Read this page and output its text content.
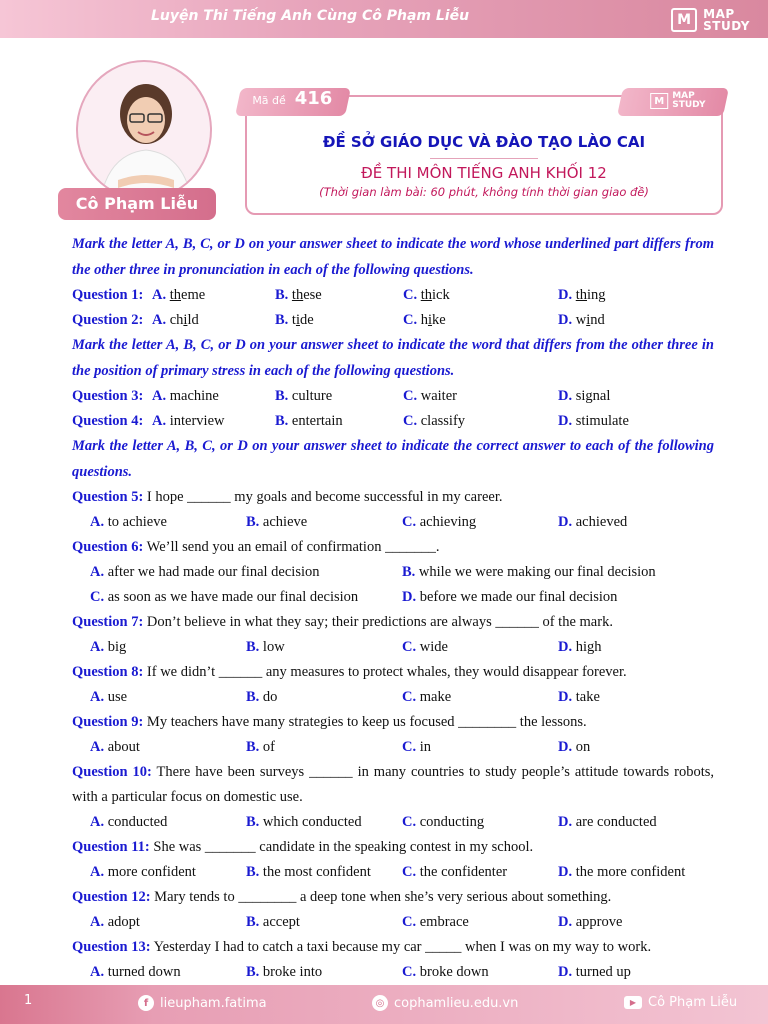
Luyện Thi Tiếng Anh Cùng Cô Phạm Liễu	M	MAP
STUDY
Cô Phạm Liễu
Mã đề 416	M MAP
STUDY
ĐỀ SỞ GIÁO DỤC VÀ ĐÀO TẠO LÀO CAI
ĐỀ THI MÔN TIẾNG ANH KHỐI 12
(Thời gian làm bài: 60 phút, không tính thời gian giao đề)
Mark the letter A, B, C, or D on your answer sheet to indicate the word whose underlined part differs from the other three in pronunciation in each of the following questions.
Question 1: A. theme	B. these	C. thick	D. thing
Question 2: A. child	B. tide	C. hike	D. wind
Mark the letter A, B, C, or D on your answer sheet to indicate the word that differs from the other three in the position of primary stress in each of the following questions.
Question 3: A. machine	B. culture	C. waiter	D. signal
Question 4: A. interview	B. entertain	C. classify	D. stimulate
Mark the letter A, B, C, or D on your answer sheet to indicate the correct answer to each of the following questions.
Question 5: I hope ______ my goals and become successful in my career.
A. to achieve	B. achieve	C. achieving	D. achieved
Question 6: We’ll send you an email of confirmation _______.
A. after we had made our final decision	B. while we were making our final decision
C. as soon as we have made our final decision	D. before we made our final decision
Question 7: Don’t believe in what they say; their predictions are always ______ of the mark.
A. big	B. low	C. wide	D. high
Question 8: If we didn’t ______ any measures to protect whales, they would disappear forever.
A. use	B. do	C. make	D. take
Question 9: My teachers have many strategies to keep us focused ________ the lessons.
A. about	B. of	C. in	D. on
Question 10: There have been surveys ______ in many countries to study people’s attitude towards robots, with a particular focus on domestic use.
A. conducted	B. which conducted	C. conducting	D. are conducted
Question 11: She was _______ candidate in the speaking contest in my school.
A. more confident	B. the most confident C. the confidenter	D. the more confident
Question 12: Mary tends to ________ a deep tone when she’s very serious about something.
A. adopt	B. accept	C. embrace	D. approve
Question 13: Yesterday I had to catch a taxi because my car _____ when I was on my way to work.
A. turned down	B. broke into	C. broke down	D. turned up
1	f lieupham.fatima	◎ cophamlieu.edu.vn	▶ Cô Phạm Liễu
